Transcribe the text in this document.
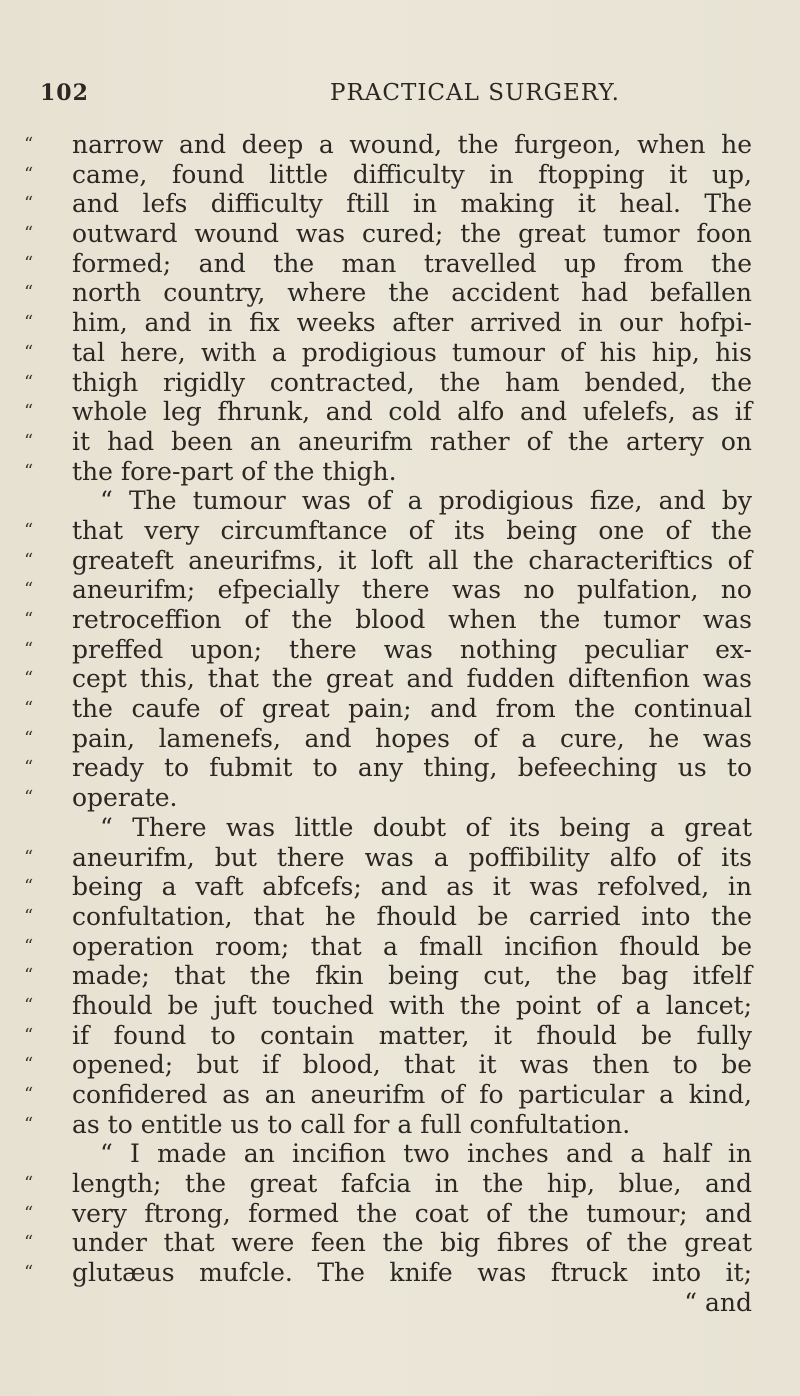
102	PRACTICAL SURGERY.
“	narrow and deep a wound, the furgeon, when he
“	came, found little difficulty in ftopping it up,
“	and lefs difficulty ftill in making it heal. The
“	outward wound was cured; the great tumor foon
“	formed; and the man travelled up from the
“	north country, where the accident had befallen
“	him, and in fix weeks after arrived in our hofpi-
“	tal here, with a prodigious tumour of his hip, his
“	thigh rigidly contracted, the ham bended, the
“	whole leg fhrunk, and cold alfo and ufelefs, as if
“	it had been an aneurifm rather of the artery on
“	the fore-part of the thigh.
“ The tumour was of a prodigious fize, and by
“	that very circumftance of its being one of the
“	greateft aneurifms, it loft all the characteriftics of
“	aneurifm; efpecially there was no pulfation, no
“	retroceffion of the blood when the tumor was
“	preffed upon; there was nothing peculiar ex-
“	cept this, that the great and fudden diftenfion was
“	the caufe of great pain; and from the continual
“	pain, lamenefs, and hopes of a cure, he was
“	ready to fubmit to any thing, befeeching us to
“	operate.
“ There was little doubt of its being a great
“	aneurifm, but there was a poffibility alfo of its
“	being a vaft abfcefs; and as it was refolved, in
“	confultation, that he fhould be carried into the
“	operation room; that a fmall incifion fhould be
“	made; that the fkin being cut, the bag itfelf
“	fhould be juft touched with the point of a lancet;
“	if found to contain matter, it fhould be fully
“	opened; but if blood, that it was then to be
“	confidered as an aneurifm of fo particular a kind,
“	as to entitle us to call for a full confultation.
“ I made an incifion two inches and a half in
“	length; the great fafcia in the hip, blue, and
“	very ftrong, formed the coat of the tumour; and
“	under that were feen the big fibres of the great
“	glutæus mufcle. The knife was ftruck into it;
“ and
